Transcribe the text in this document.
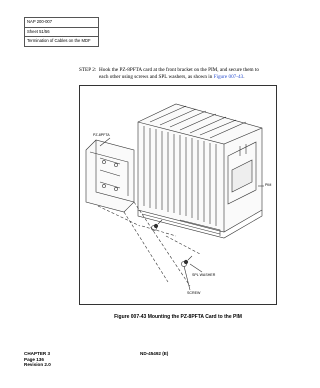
NAP 200-007
Sheet 51/56
Termination of Cables on the MDF
STEP 2: Hook the PZ-8PFTA card at the front bracket on the PIM, and secure them to each other using screws and SPL washers, as shown in Figure 007-43.
PZ-8PFTA
PIM
SPL WASHER
SCREW
Figure 007-43 Mounting the PZ-8PFTA Card to the PIM
CHAPTER 3
Page 136
Revision 2.0
ND-45492 (E)
